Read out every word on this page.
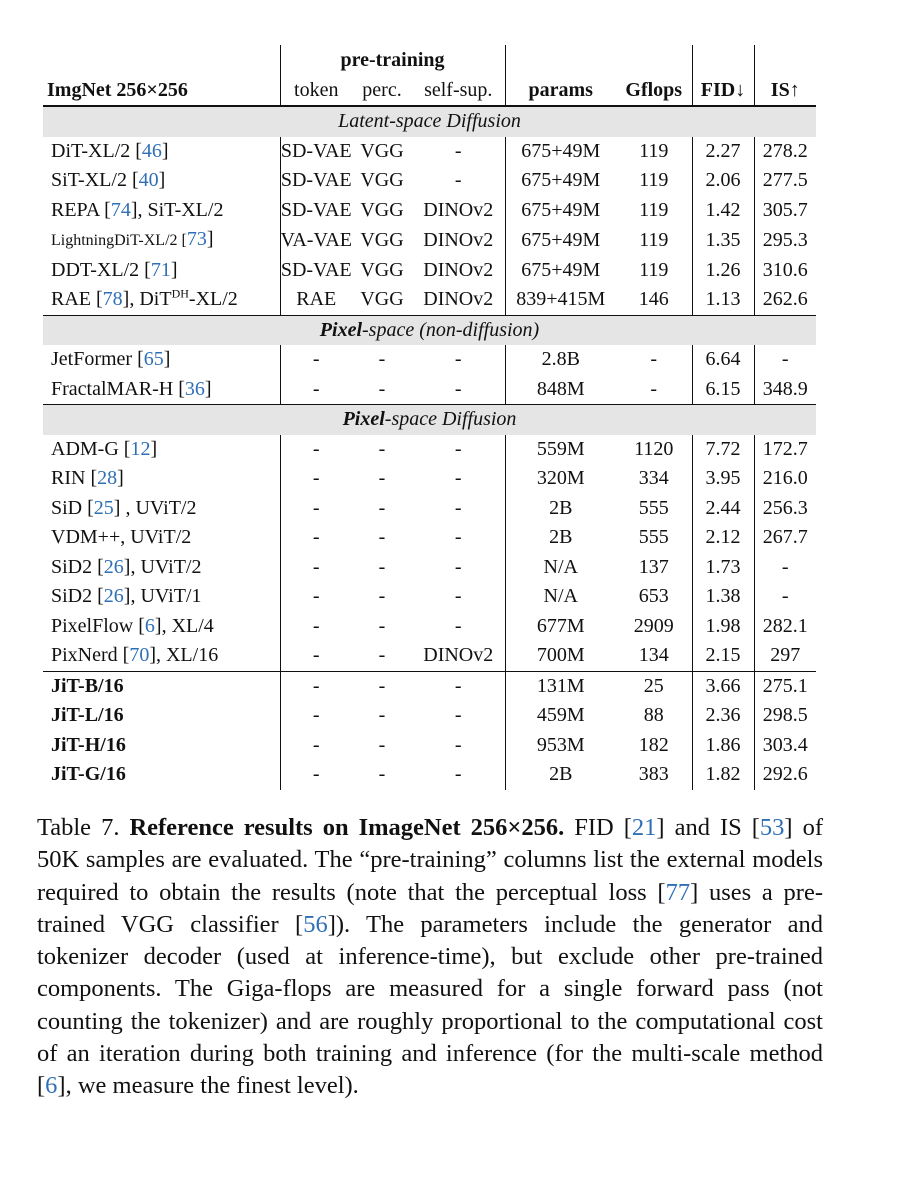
	pre-training						
ImgNet 256×256	token	perc.	self-sup.	params	Gflops	FID↓	IS↑
Latent-space Diffusion							
DiT-XL/2 [46]	SD-VAE	VGG	-	675+49M	119	2.27	278.2
SiT-XL/2 [40]	SD-VAE	VGG	-	675+49M	119	2.06	277.5
REPA [74], SiT-XL/2	SD-VAE	VGG	DINOv2	675+49M	119	1.42	305.7
LightningDiT-XL/2 [73]	VA-VAE	VGG	DINOv2	675+49M	119	1.35	295.3
DDT-XL/2 [71]	SD-VAE	VGG	DINOv2	675+49M	119	1.26	310.6
RAE [78], DiT$^{DH}$-XL/2	RAE	VGG	DINOv2	839+415M	146	1.13	262.6
Pixel-space (non-diffusion)							
JetFormer [65]	-	-	-	2.8B	-	6.64	-
FractalMAR-H [36]	-	-	-	848M	-	6.15	348.9
Pixel-space Diffusion							
ADM-G [12]	-	-	-	559M	1120	7.72	172.7
RIN [28]	-	-	-	320M	334	3.95	216.0
SiD [25] , UViT/2	-	-	-	2B	555	2.44	256.3
VDM++, UViT/2	-	-	-	2B	555	2.12	267.7
SiD2 [26], UViT/2	-	-	-	N/A	137	1.73	-
SiD2 [26], UViT/1	-	-	-	N/A	653	1.38	-
PixelFlow [6], XL/4	-	-	-	677M	2909	1.98	282.1
PixNerd [70], XL/16	-	-	DINOv2	700M	134	2.15	297
JiT-B/16	-	-	-	131M	25	3.66	275.1
JiT-L/16	-	-	-	459M	88	2.36	298.5
JiT-H/16	-	-	-	953M	182	1.86	303.4
JiT-G/16	-	-	-	2B	383	1.82	292.6
Table 7. Reference results on ImageNet 256×256. FID [21] and IS [53] of 50K samples are evaluated. The “pre-training” columns list the external models required to obtain the results (note that the perceptual loss [77] uses a pre-trained VGG classifier [56]). The parameters include the generator and tokenizer decoder (used at inference-time), but exclude other pre-trained components. The Giga-flops are measured for a single forward pass (not counting the tokenizer) and are roughly proportional to the computational cost of an iteration during both training and inference (for the multi-scale method [6], we measure the finest level).
